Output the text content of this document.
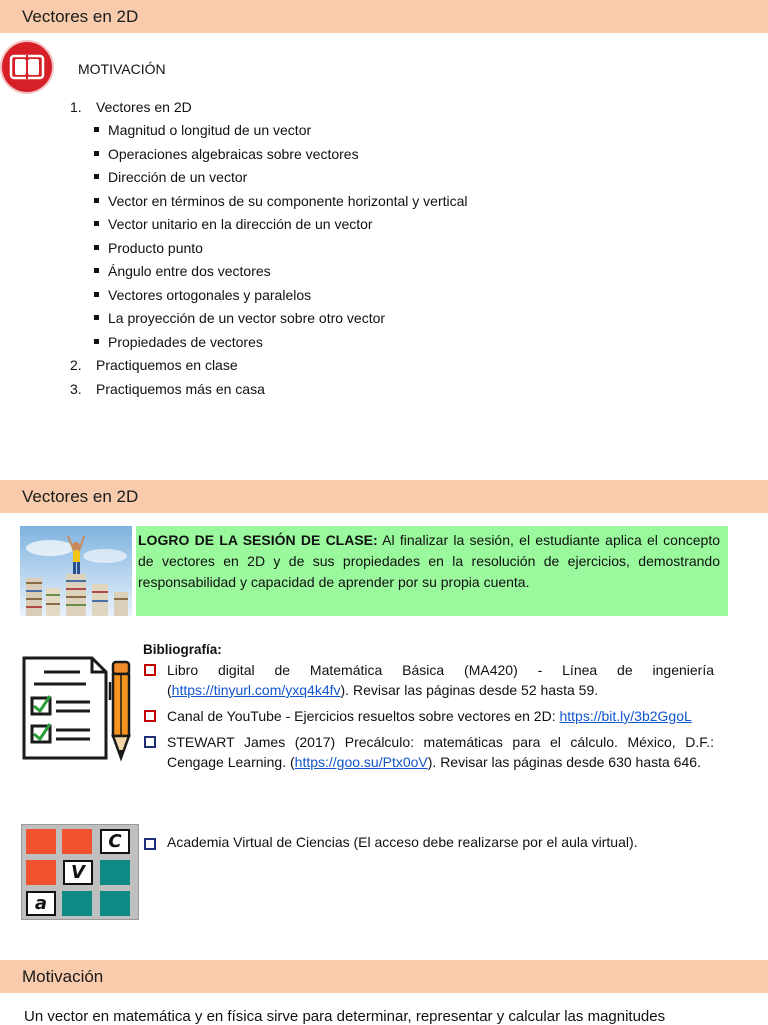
Vectores en 2D
MOTIVACIÓN
1. Vectores en 2D
Magnitud o longitud de un vector
Operaciones algebraicas sobre vectores
Dirección de un vector
Vector en términos de su componente horizontal y vertical
Vector unitario en la dirección de un vector
Producto punto
Ángulo entre dos vectores
Vectores ortogonales y paralelos
La proyección de un vector sobre otro vector
Propiedades de vectores
2. Practiquemos en clase
3. Practiquemos más en casa
Vectores en 2D
LOGRO DE LA SESIÓN DE CLASE: Al finalizar la sesión, el estudiante aplica el concepto de vectores en 2D y de sus propiedades en la resolución de ejercicios, demostrando responsabilidad y capacidad de aprender por su propia cuenta.
Bibliografía:
Libro digital de Matemática Básica (MA420) - Línea de ingeniería (https://tinyurl.com/yxq4k4fv). Revisar las páginas desde 52 hasta 59.
Canal de YouTube - Ejercicios resueltos sobre vectores en 2D: https://bit.ly/3b2GgoL
STEWART James (2017) Precálculo: matemáticas para el cálculo. México, D.F.: Cengage Learning. (https://goo.su/Ptx0oV). Revisar las páginas desde 630 hasta 646.
C
V
a
Academia Virtual de Ciencias (El acceso debe realizarse por el aula virtual).
Motivación
Un vector en matemática y en física sirve para determinar, representar y calcular las magnitudes
